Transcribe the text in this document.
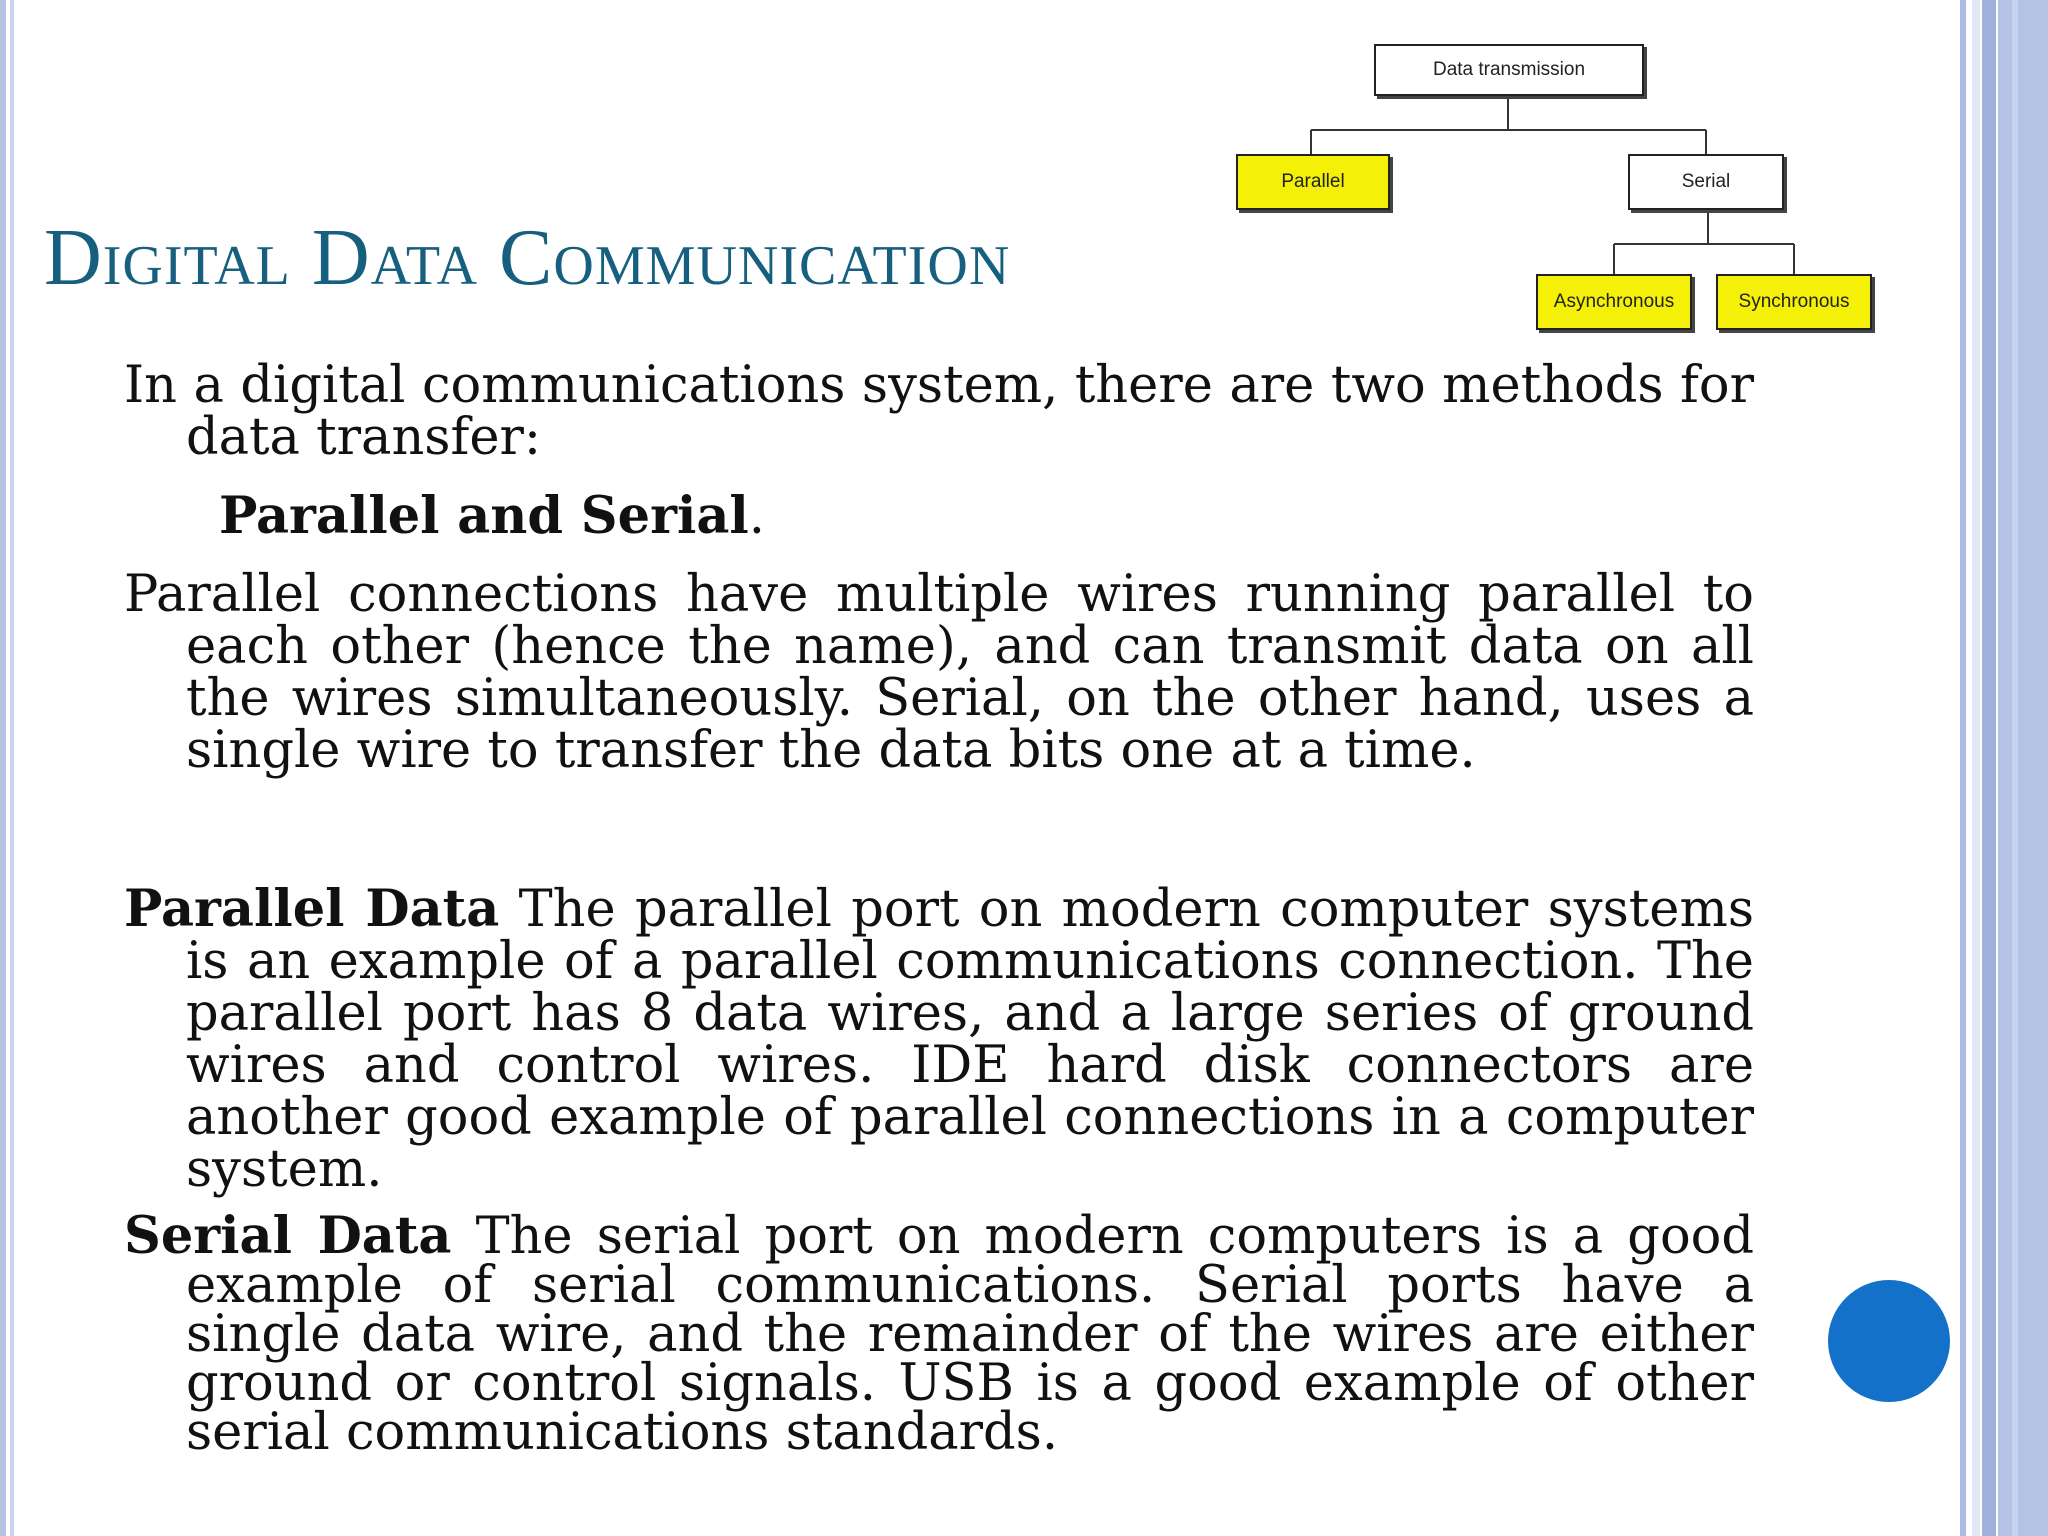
Digital Data Communication
Data transmission
Parallel	Serial
Asynchronous	Synchronous

In a digital communications system, there are two methods for data transfer:

Parallel and Serial.

Parallel connections have multiple wires running parallel to each other (hence the name), and can transmit data on all the wires simultaneously. Serial, on the other hand, uses a single wire to transfer the data bits one at a time.

Parallel Data The parallel port on modern computer systems is an example of a parallel communications connection. The parallel port has 8 data wires, and a large series of ground wires and control wires. IDE hard disk connectors are another good example of parallel connections in a computer system.

Serial Data The serial port on modern computers is a good example of serial communications. Serial ports have a single data wire, and the remainder of the wires are either ground or control signals. USB is a good example of other serial communications standards.
